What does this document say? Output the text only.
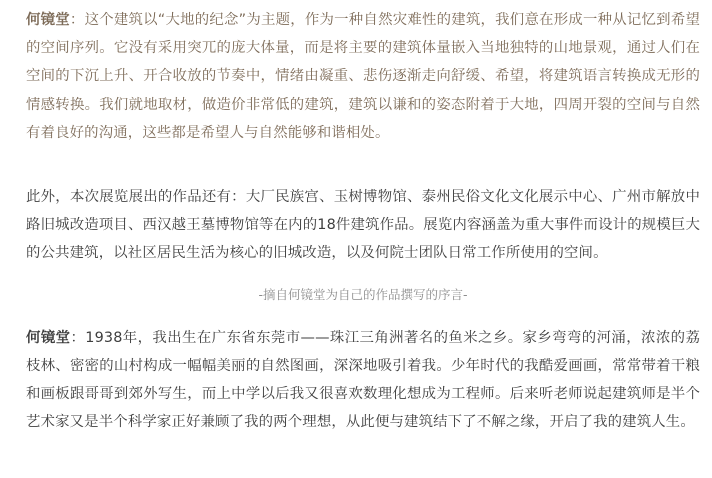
何镜堂：这个建筑以“大地的纪念”为主题，作为一种自然灾难性的建筑，我们意在形成一种从记忆到希望的空间序列。它没有采用突兀的庞大体量，而是将主要的建筑体量嵌入当地独特的山地景观，通过人们在空间的下沉上升、开合收放的节奏中，情绪由凝重、悲伤逐渐走向舒缓、希望，将建筑语言转换成无形的情感转换。我们就地取材，做造价非常低的建筑，建筑以谦和的姿态附着于大地，四周开裂的空间与自然有着良好的沟通，这些都是希望人与自然能够和谐相处。

此外，本次展览展出的作品还有：大厂民族宫、玉树博物馆、泰州民俗文化文化展示中心、广州市解放中路旧城改造项目、西汉越王墓博物馆等在内的18件建筑作品。展览内容涵盖为重大事件而设计的规模巨大的公共建筑，以社区居民生活为核心的旧城改造，以及何院士团队日常工作所使用的空间。

-摘自何镜堂为自己的作品撰写的序言-

何镜堂：1938年，我出生在广东省东莞市——珠江三角洲著名的鱼米之乡。家乡弯弯的河涌，浓浓的荔枝林、密密的山村构成一幅幅美丽的自然图画，深深地吸引着我。少年时代的我酷爱画画，常常带着干粮和画板跟哥哥到郊外写生，而上中学以后我又很喜欢数理化想成为工程师。后来听老师说起建筑师是半个艺术家又是半个科学家正好兼顾了我的两个理想，从此便与建筑结下了不解之缘，开启了我的建筑人生。
